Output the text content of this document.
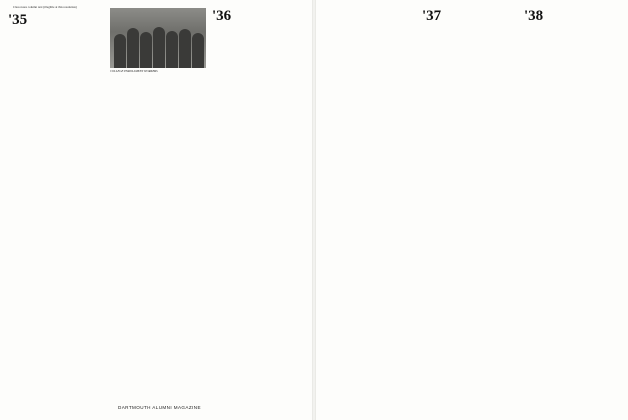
Class notes column text (illegible at this resolution)

'35

COLLEGE ENROLLMENT WORKERS
'36

DARTMOUTH ALUMNI MAGAZINE

'37	'38
